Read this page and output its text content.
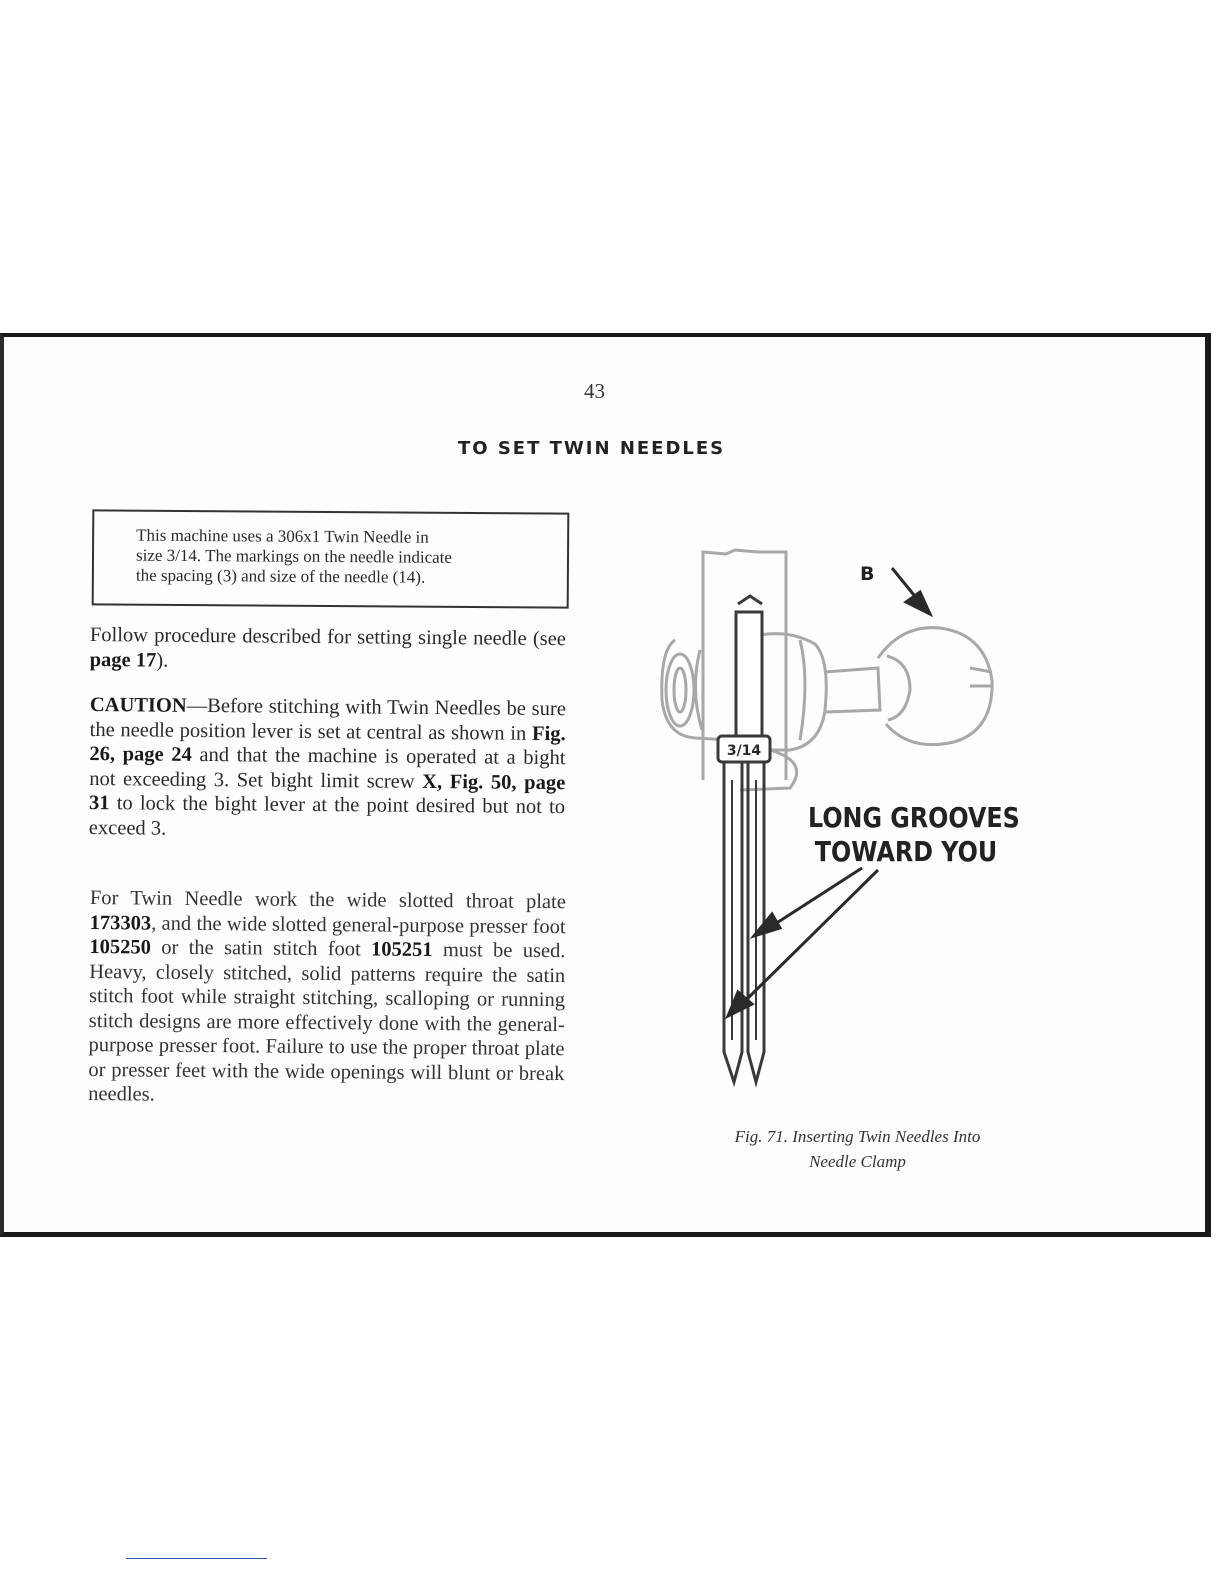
43
TO SET TWIN NEEDLES
This machine uses a 306x1 Twin Needle in
size 3/14. The markings on the needle indicate
the spacing (3) and size of the needle (14).
Follow procedure described for setting single needle (see page 17).
CAUTION—Before stitching with Twin Needles be sure the needle position lever is set at central as shown in Fig. 26, page 24 and that the machine is operated at a bight not exceeding 3. Set bight limit screw X, Fig. 50, page 31 to lock the bight lever at the point desired but not to exceed 3.
For Twin Needle work the wide slotted throat plate 173303, and the wide slotted general-purpose presser foot 105250 or the satin stitch foot 105251 must be used. Heavy, closely stitched, solid patterns require the satin stitch foot while straight stitching, scalloping or running stitch designs are more effectively done with the general-purpose presser foot. Failure to use the proper throat plate or presser feet with the wide openings will blunt or break needles.
3/14
B
LONG GROOVES
TOWARD YOU
Fig. 71. Inserting Twin Needles Into
Needle Clamp
